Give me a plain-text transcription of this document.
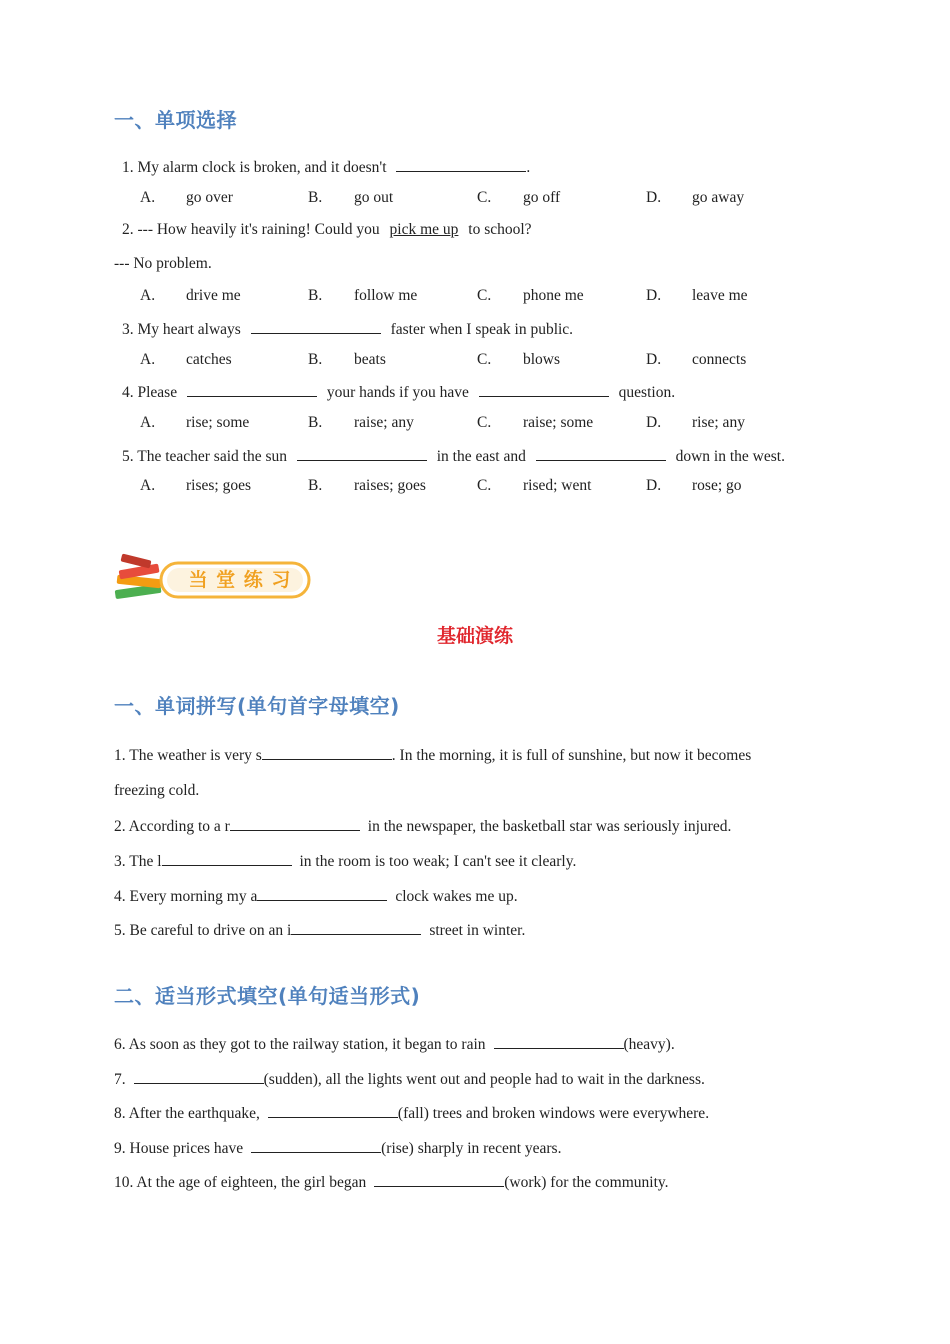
一、单项选择
1. My alarm clock is broken, and it doesn't	.
A. go over	B. go out	C. go off	D. go away
2. --- How heavily it's raining! Could you pick me up to school?
--- No problem.
A. drive me	B. follow me	C. phone me	D. leave me
3. My heart always	faster when I speak in public.
A. catches	B. beats	C. blows	D. connects
4. Please	your hands if you have	question.
A. rise; some	B. raise; any	C. raise; some	D. rise; any
5. The teacher said the sun	in the east and	down in the west.
A. rises; goes	B. raises; goes	C. rised; went	D. rose; go
当 堂 练 习
基础演练
一、单词拼写(单句首字母填空)
1. The weather is very s	. In the morning, it is full of sunshine, but now it becomes
freezing cold.
2. According to a r	in the newspaper, the basketball star was seriously injured.
3. The l	in the room is too weak; I can't see it clearly.
4. Every morning my a	clock wakes me up.
5. Be careful to drive on an i	street in winter.
二、适当形式填空(单句适当形式)
6. As soon as they got to the railway station, it began to rain	(heavy).
7.	(sudden), all the lights went out and people had to wait in the darkness.
8. After the earthquake,	(fall) trees and broken windows were everywhere.
9. House prices have	(rise) sharply in recent years.
10. At the age of eighteen, the girl began	(work) for the community.
